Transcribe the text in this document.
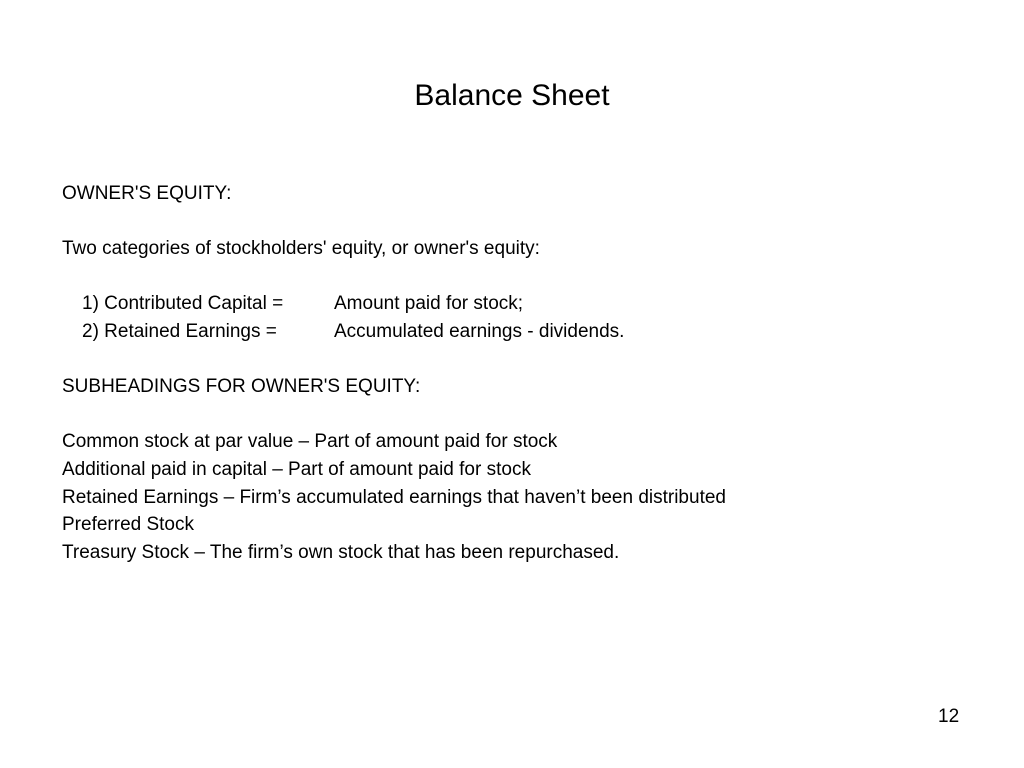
Balance Sheet
OWNER'S EQUITY:
Two categories of stockholders' equity, or owner's equity:
1) Contributed Capital =	Amount paid for stock;
2) Retained Earnings =	Accumulated earnings - dividends.
SUBHEADINGS FOR OWNER'S EQUITY:
Common stock at par value – Part of amount paid for stock
Additional paid in capital – Part of amount paid for stock
Retained Earnings – Firm’s accumulated earnings that haven’t been distributed
Preferred Stock
Treasury Stock – The firm’s own stock that has been repurchased.
12
